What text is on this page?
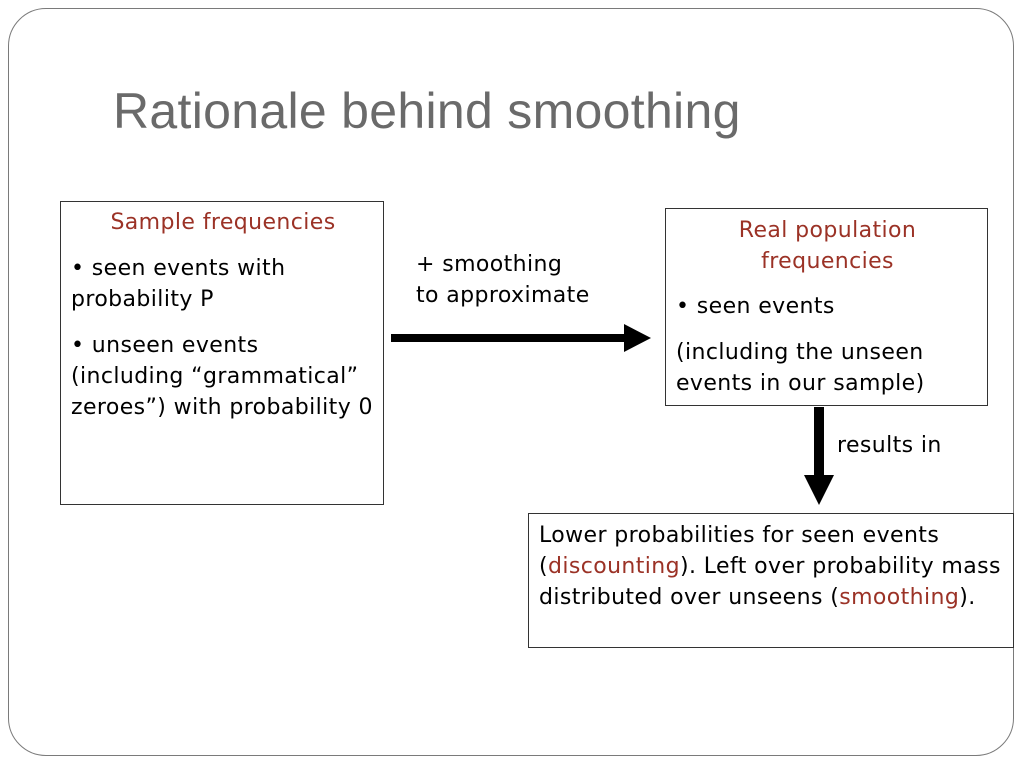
Rationale behind smoothing

Sample frequencies

• seen events with probability P

• unseen events (including “grammatical” zeroes”) with probability 0

+ smoothing
to approximate

Real population frequencies

• seen events

(including the unseen events in our sample)

results in

Lower probabilities for seen events (discounting). Left over probability mass distributed over unseens (smoothing).
